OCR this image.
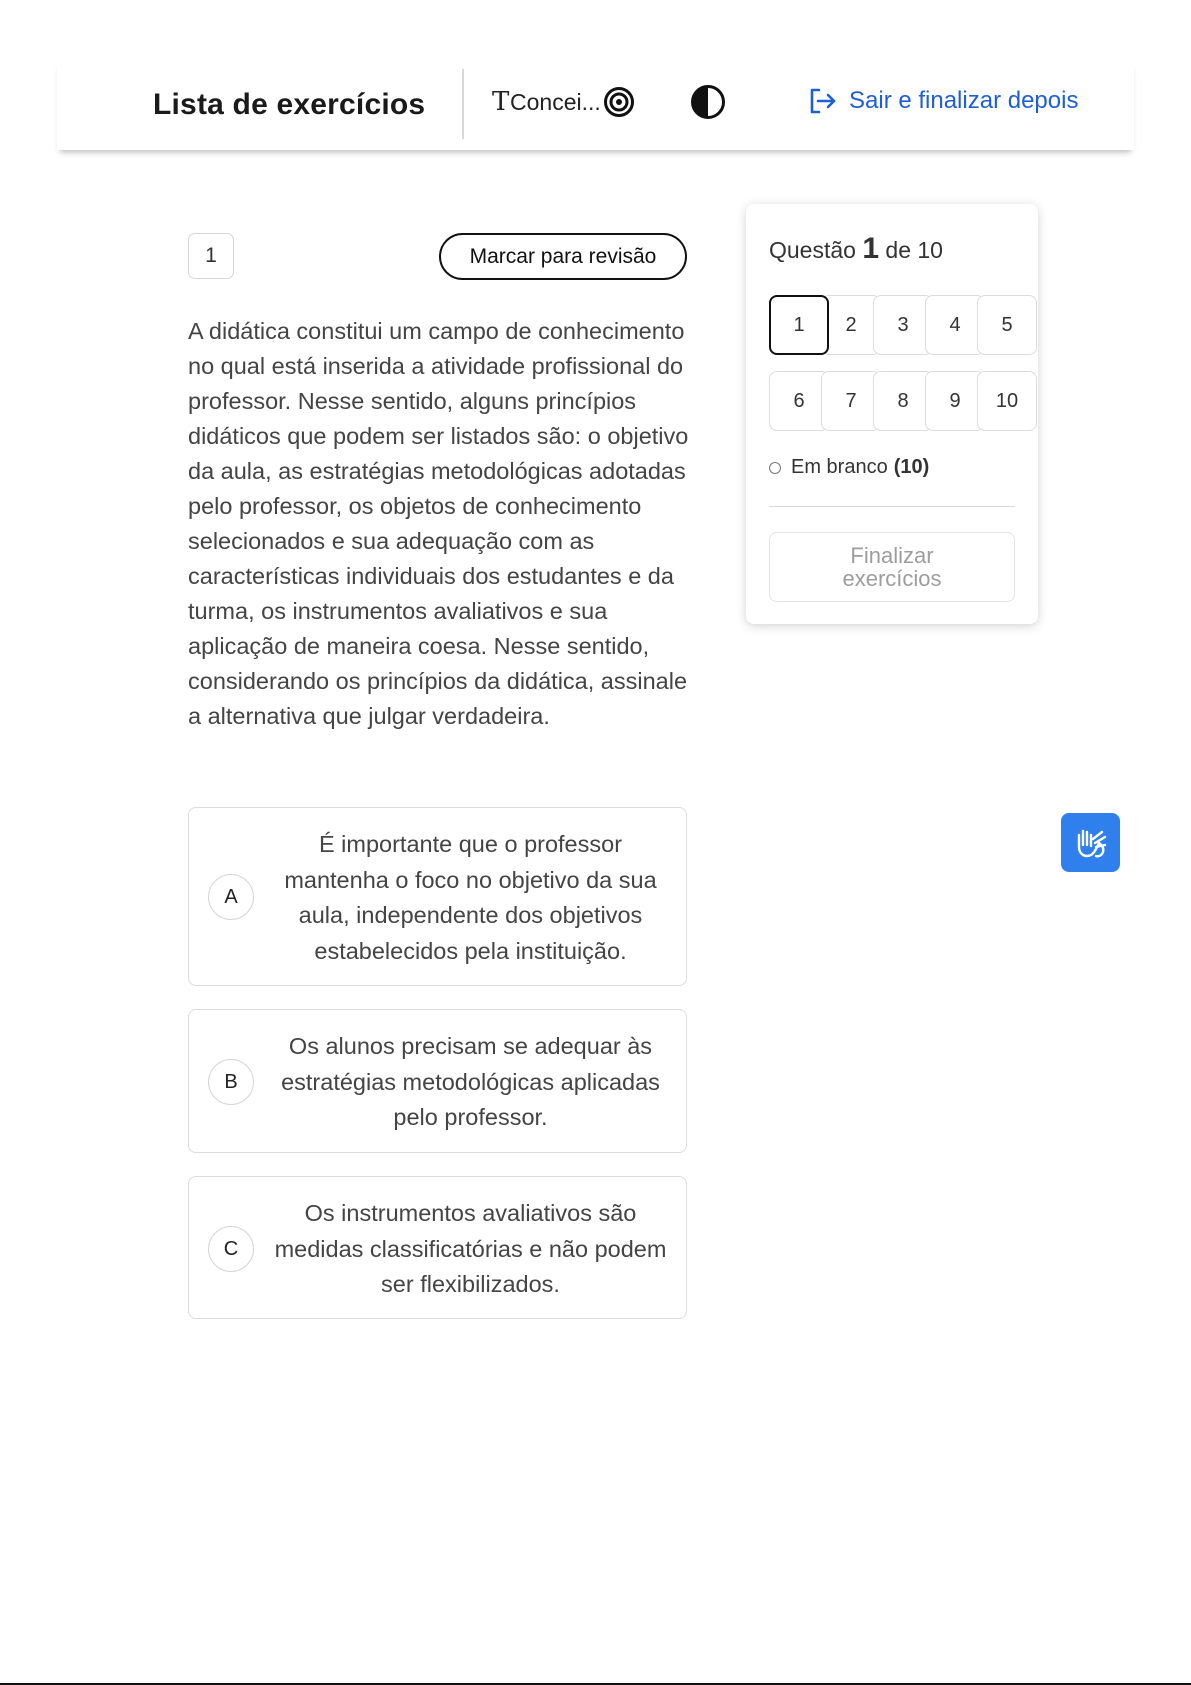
Lista de exercícios	T Concei...	Sair e finalizar depois
1	Marcar para revisão

A didática constitui um campo de conhecimento no qual está inserida a atividade profissional do professor. Nesse sentido, alguns princípios didáticos que podem ser listados são: o objetivo da aula, as estratégias metodológicas adotadas pelo professor, os objetos de conhecimento selecionados e sua adequação com as características individuais dos estudantes e da turma, os instrumentos avaliativos e sua aplicação de maneira coesa. Nesse sentido, considerando os princípios da didática, assinale a alternativa que julgar verdadeira.

A

É importante que o professor mantenha o foco no objetivo da sua aula, independente dos objetivos estabelecidos pela instituição.

B

Os alunos precisam se adequar às estratégias metodológicas aplicadas pelo professor.

C

Os instrumentos avaliativos são medidas classificatórias e não podem ser flexibilizados.

Questão 1 de 10
1	2	3	4	5
6	7	8	9	10
Em branco (10)
Finalizar exercícios
